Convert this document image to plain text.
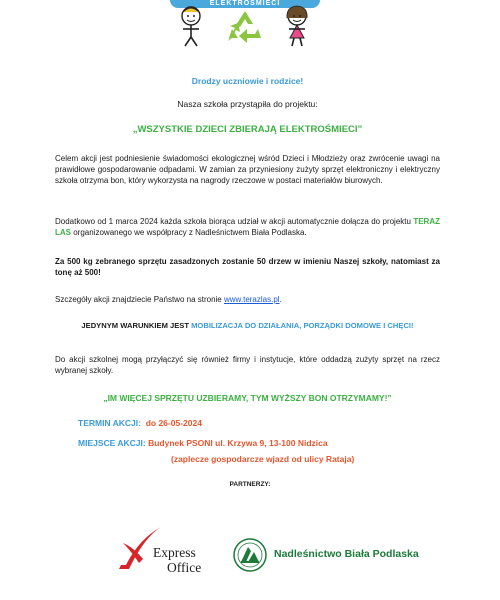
ELEKTROŚMIECI

Drodzy uczniowie i rodzice!

Nasza szkoła przystąpiła do projektu:

„WSZYSTKIE DZIECI ZBIERAJĄ ELEKTROŚMIECI”

Celem akcji jest podniesienie świadomości ekologicznej wśród Dzieci i Młodzieży oraz zwrócenie uwagi na prawidłowe gospodarowanie odpadami. W zamian za przyniesiony zużyty sprzęt elektroniczny i elektryczny szkoła otrzyma bon, który wykorzysta na nagrody rzeczowe w postaci materiałów biurowych.

Dodatkowo od 1 marca 2024 każda szkoła biorąca udział w akcji automatycznie dołącza do projektu TERAZ LAS organizowanego we współpracy z Nadleśnictwem Biała Podlaska.

Za 500 kg zebranego sprzętu zasadzonych zostanie 50 drzew w imieniu Naszej szkoły, natomiast za tonę aż 500!

Szczegóły akcji znajdziecie Państwo na stronie www.terazlas.pl.

JEDYNYM WARUNKIEM JEST MOBILIZACJA DO DZIAŁANIA, PORZĄDKI DOMOWE I CHĘCI!

Do akcji szkolnej mogą przyłączyć się również firmy i instytucje, które oddadzą zużyty sprzęt na rzecz wybranej szkoły.

„IM WIĘCEJ SPRZĘTU UZBIERAMY, TYM WYŻSZY BON OTRZYMAMY!”

TERMIN AKCJI: do 26-05-2024

MIEJSCE AKCJI: Budynek PSONI ul. Krzywa 9, 13-100 Nidzica

(zaplecze gospodarcze wjazd od ulicy Rataja)

PARTNERZY:

Express
Office
Nadleśnictwo Biała Podlaska
